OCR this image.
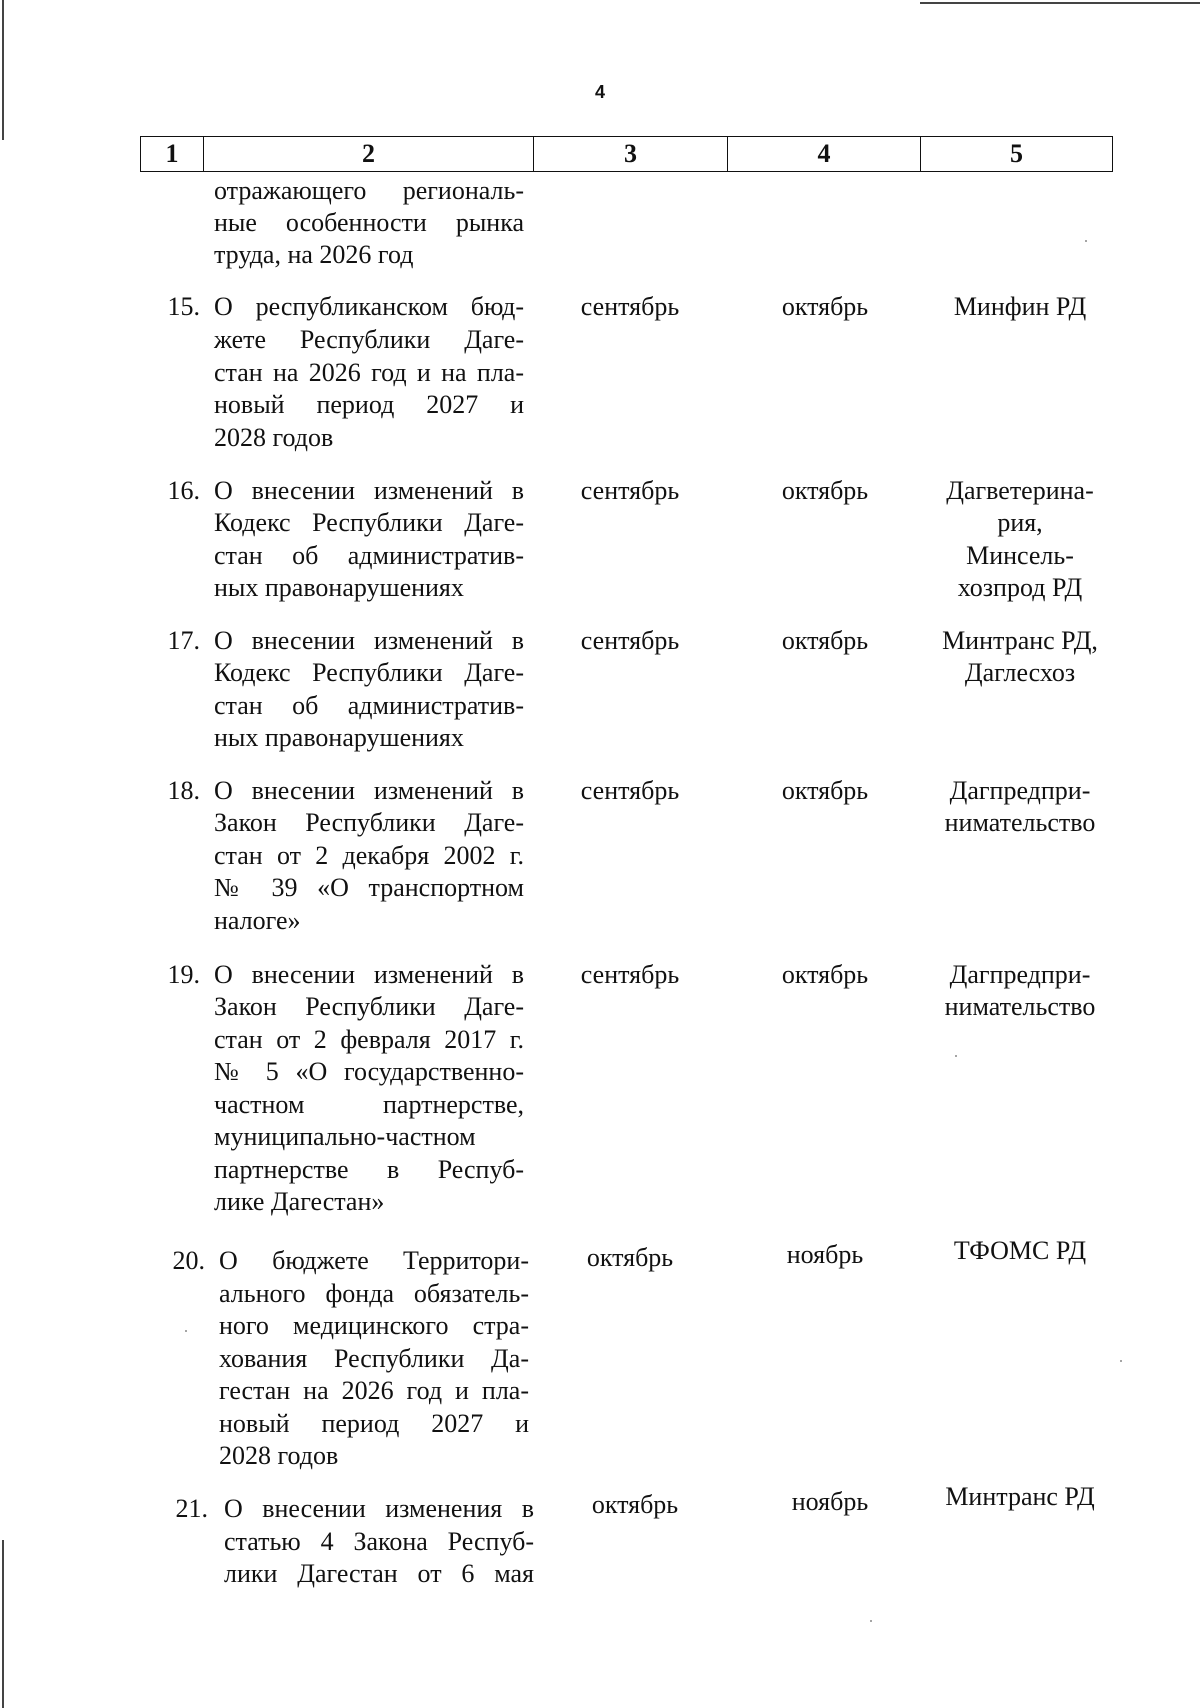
4
1	2	3	4	5
отражающего региональ-
ные особенности рынка
труда, на 2026 год
15. О республиканском бюд-
жете Республики Даге-
стан на 2026 год и на пла-
новый период 2027 и
2028 годов
сентябрь	октябрь	Минфин РД
16. О внесении изменений в
Кодекс Республики Даге-
стан об административ-
ных правонарушениях
сентябрь	октябрь	Дагветерина-
рия,
Минсель-
хозпрод РД
17. О внесении изменений в
Кодекс Республики Даге-
стан об административ-
ных правонарушениях
сентябрь	октябрь	Минтранс РД,
Даглесхоз
18. О внесении изменений в
Закон Республики Даге-
стан от 2 декабря 2002 г.
№ 39 «О транспортном
налоге»
сентябрь	октябрь	Дагпредпри-
нимательство
19. О внесении изменений в
Закон Республики Даге-
стан от 2 февраля 2017 г.
№ 5 «О государственно-
частном партнерстве,
муниципально-частном
партнерстве в Респуб-
лике Дагестан»
сентябрь	октябрь	Дагпредпри-
нимательство
20. О бюджете Территори-
ального фонда обязатель-
ного медицинского стра-
хования Республики Да-
гестан на 2026 год и пла-
новый период 2027 и
2028 годов
октябрь	ноябрь	ТФОМС РД
21. О внесении изменения в
статью 4 Закона Респуб-
лики Дагестан от 6 мая
октябрь	ноябрь	Минтранс РД
